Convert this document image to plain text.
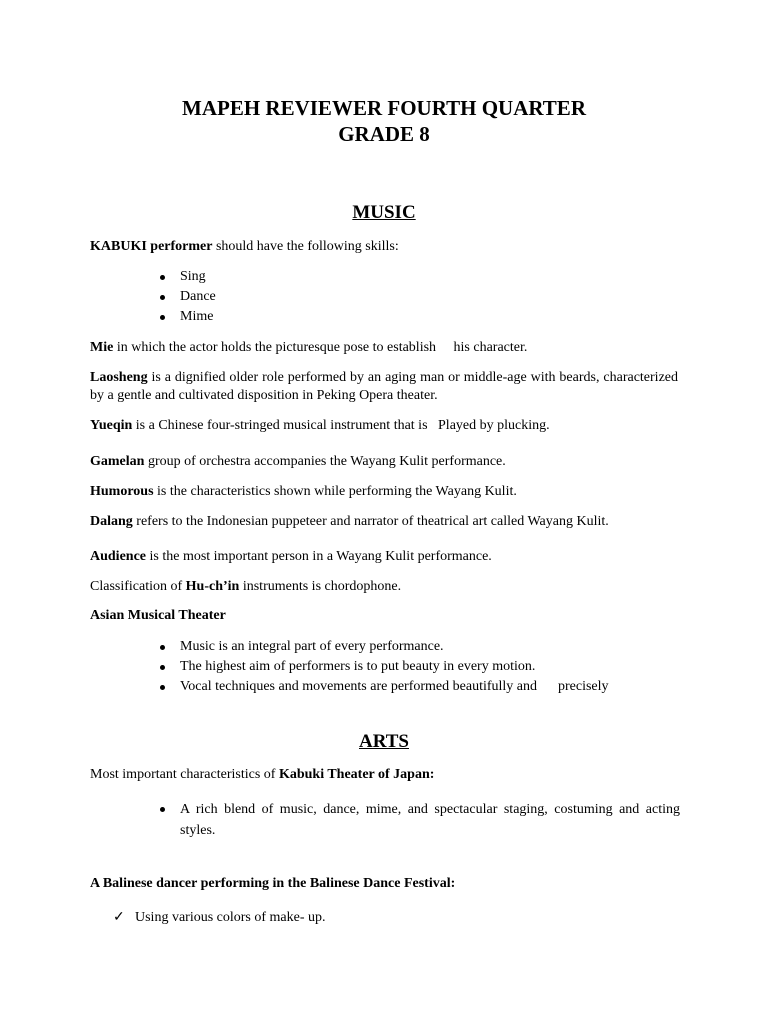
MAPEH REVIEWER FOURTH QUARTER
GRADE 8
MUSIC
KABUKI performer should have the following skills:
Sing
Dance
Mime
Mie in which the actor holds the picturesque pose to establish     his character.
Laosheng is a dignified older role performed by an aging man or middle-age with beards, characterized by a gentle and cultivated disposition in Peking Opera theater.
Yueqin is a Chinese four-stringed musical instrument that is   Played by plucking.
Gamelan group of orchestra accompanies the Wayang Kulit performance.
Humorous is the characteristics shown while performing the Wayang Kulit.
Dalang refers to the Indonesian puppeteer and narrator of theatrical art called Wayang Kulit.
Audience is the most important person in a Wayang Kulit performance.
Classification of Hu-ch’in instruments is chordophone.
Asian Musical Theater
Music is an integral part of every performance.
The highest aim of performers is to put beauty in every motion.
Vocal techniques and movements are performed beautifully and      precisely
ARTS
Most important characteristics of Kabuki Theater of Japan:
A rich blend of music, dance, mime, and spectacular staging, costuming and acting styles.
A Balinese dancer performing in the Balinese Dance Festival:
✓ Using various colors of make- up.
